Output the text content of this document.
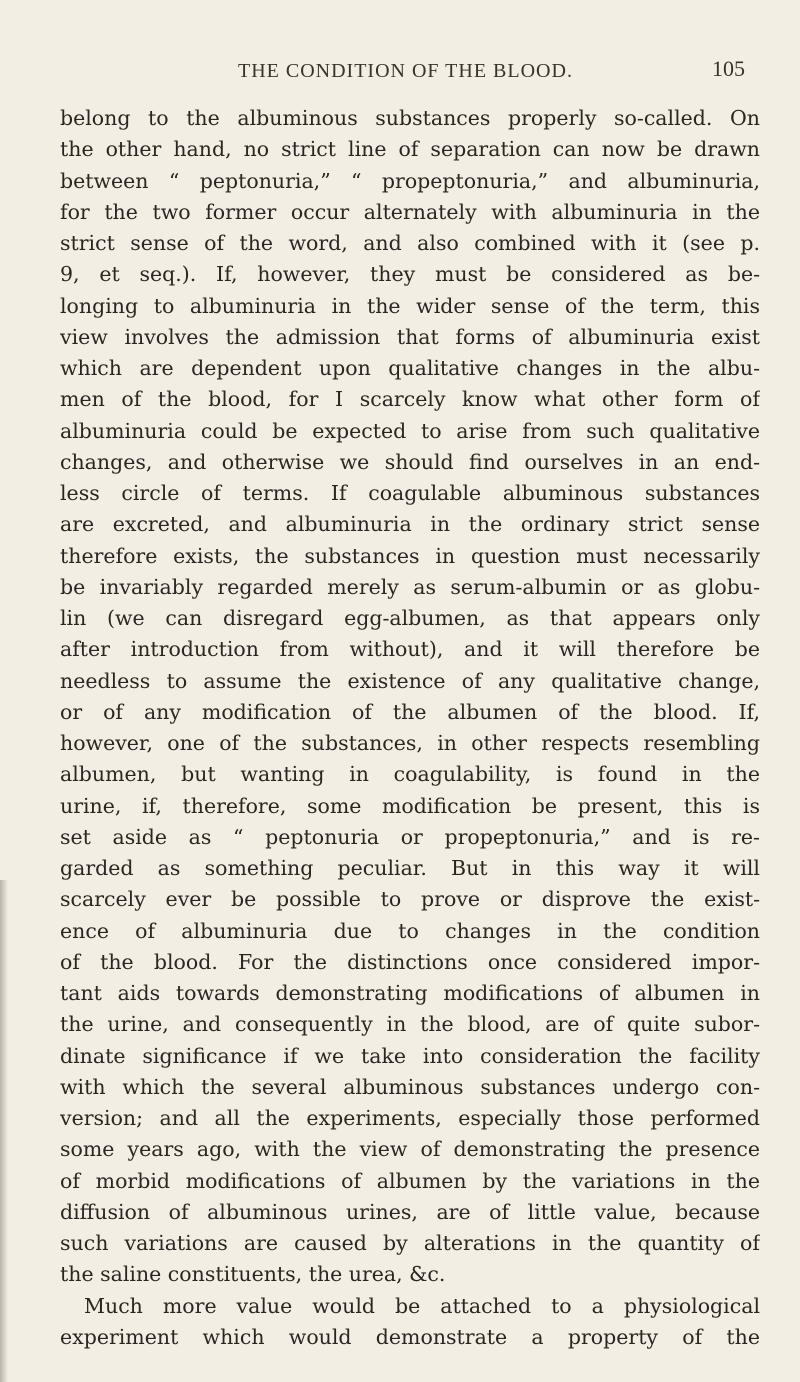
THE CONDITION OF THE BLOOD.	105
belong to the albuminous substances properly so-called. On
the other hand, no strict line of separation can now be drawn
between “ peptonuria,” “ propeptonuria,” and albuminuria,
for the two former occur alternately with albuminuria in the
strict sense of the word, and also combined with it (see p.
9, et seq.). If, however, they must be considered as be-
longing to albuminuria in the wider sense of the term, this
view involves the admission that forms of albuminuria exist
which are dependent upon qualitative changes in the albu-
men of the blood, for I scarcely know what other form of
albuminuria could be expected to arise from such qualitative
changes, and otherwise we should find ourselves in an end-
less circle of terms. If coagulable albuminous substances
are excreted, and albuminuria in the ordinary strict sense
therefore exists, the substances in question must necessarily
be invariably regarded merely as serum-albumin or as globu-
lin (we can disregard egg-albumen, as that appears only
after introduction from without), and it will therefore be
needless to assume the existence of any qualitative change,
or of any modification of the albumen of the blood. If,
however, one of the substances, in other respects resembling
albumen, but wanting in coagulability, is found in the
urine, if, therefore, some modification be present, this is
set aside as “ peptonuria or propeptonuria,” and is re-
garded as something peculiar. But in this way it will
scarcely ever be possible to prove or disprove the exist-
ence of albuminuria due to changes in the condition
of the blood. For the distinctions once considered impor-
tant aids towards demonstrating modifications of albumen in
the urine, and consequently in the blood, are of quite subor-
dinate significance if we take into consideration the facility
with which the several albuminous substances undergo con-
version; and all the experiments, especially those performed
some years ago, with the view of demonstrating the presence
of morbid modifications of albumen by the variations in the
diffusion of albuminous urines, are of little value, because
such variations are caused by alterations in the quantity of
the saline constituents, the urea, &c.
Much more value would be attached to a physiological
experiment which would demonstrate a property of the
